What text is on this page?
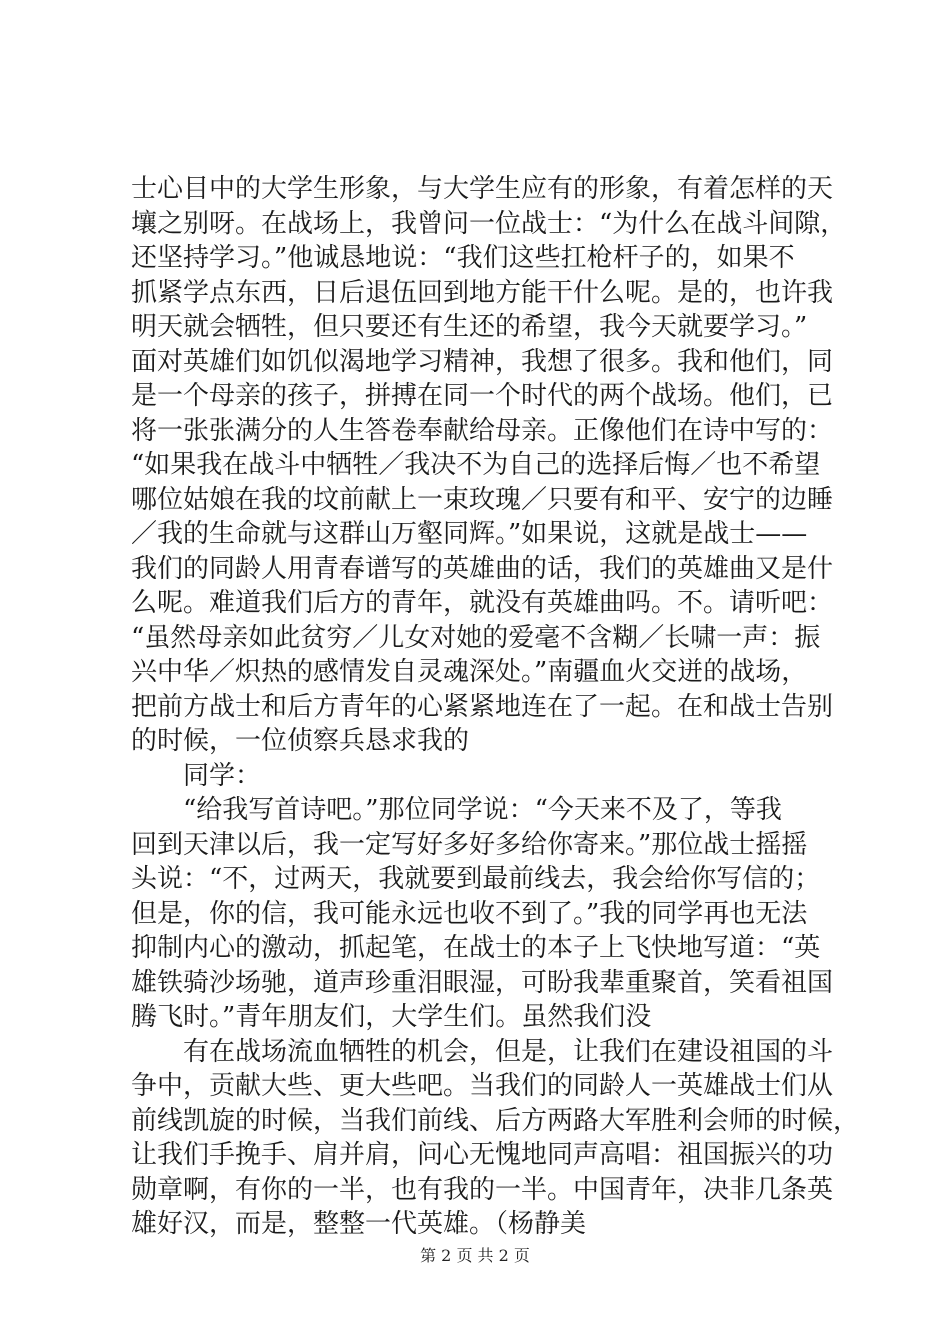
士心目中的大学生形象，与大学生应有的形象，有着怎样的天
壤之别呀。在战场上，我曾问一位战士：“为什么在战斗间隙，
还坚持学习。”他诚恳地说：“我们这些扛枪杆子的，如果不
抓紧学点东西，日后退伍回到地方能干什么呢。是的，也许我
明天就会牺牲，但只要还有生还的希望，我今天就要学习。”
面对英雄们如饥似渴地学习精神，我想了很多。我和他们，同
是一个母亲的孩子，拼搏在同一个时代的两个战场。他们，已
将一张张满分的人生答卷奉献给母亲。正像他们在诗中写的：
“如果我在战斗中牺牲／我决不为自己的选择后悔／也不希望
哪位姑娘在我的坟前献上一束玫瑰／只要有和平、安宁的边睡
／我的生命就与这群山万壑同辉。”如果说，这就是战士——
我们的同龄人用青春谱写的英雄曲的话，我们的英雄曲又是什
么呢。难道我们后方的青年，就没有英雄曲吗。不。请听吧：
“虽然母亲如此贫穷／儿女对她的爱毫不含糊／长啸一声：振
兴中华／炽热的感情发自灵魂深处。”南疆血火交迸的战场，
把前方战士和后方青年的心紧紧地连在了一起。在和战士告别
的时候，一位侦察兵恳求我的
同学：
“给我写首诗吧。”那位同学说：“今天来不及了，等我
回到天津以后，我一定写好多好多给你寄来。”那位战士摇摇
头说：“不，过两天，我就要到最前线去，我会给你写信的；
但是，你的信，我可能永远也收不到了。”我的同学再也无法
抑制内心的激动，抓起笔，在战士的本子上飞快地写道：“英
雄铁骑沙场驰，道声珍重泪眼湿，可盼我辈重聚首，笑看祖国
腾飞时。”青年朋友们，大学生们。虽然我们没
有在战场流血牺牲的机会，但是，让我们在建设祖国的斗
争中，贡献大些、更大些吧。当我们的同龄人一英雄战士们从
前线凯旋的时候，当我们前线、后方两路大军胜利会师的时候，
让我们手挽手、肩并肩，问心无愧地同声高唱：祖国振兴的功
勋章啊，有你的一半，也有我的一半。中国青年，决非几条英
雄好汉，而是，整整一代英雄。（杨静美
第 2 页 共 2 页
